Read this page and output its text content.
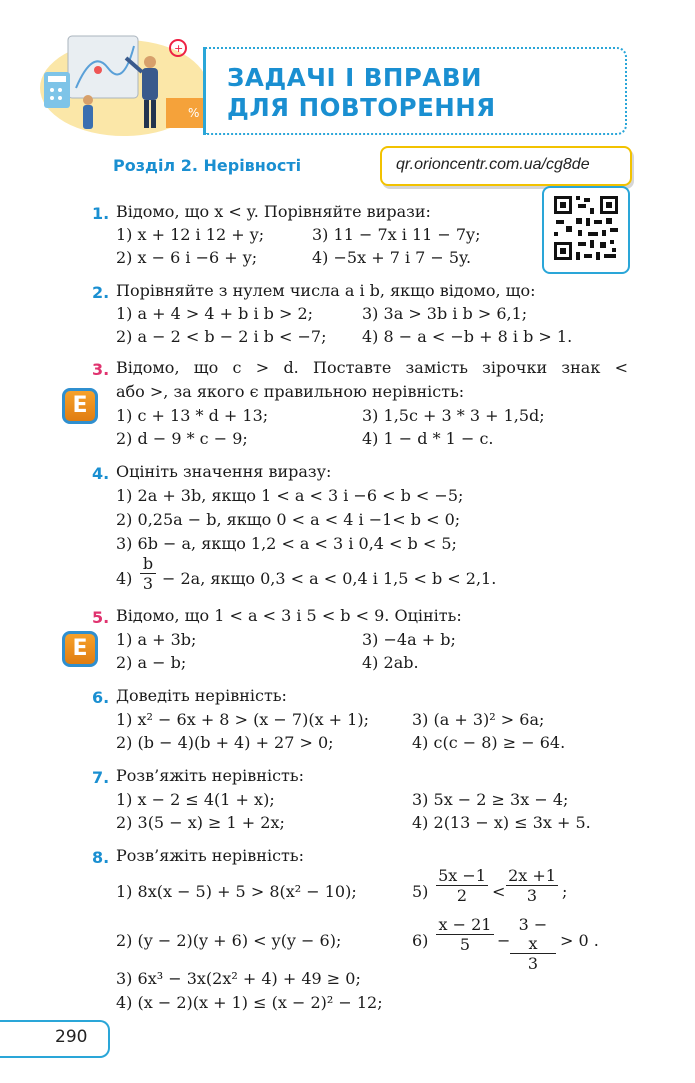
%
+
ЗАДАЧІ І ВПРАВИ
ДЛЯ ПОВТОРЕННЯ
Розділ 2. Нерівності	qr.orioncentr.com.ua/cg8de
1. Відомо, що x < y. Порівняйте вирази:
1) x + 12 і 12 + y;	3) 11 − 7x і 11 − 7y;
2) x − 6 і −6 + y;	4) −5x + 7 і 7 − 5y.
2. Порівняйте з нулем числа a і b, якщо відомо, що:
1) a + 4 > 4 + b і b > 2;	3) 3a > 3b і b > 6,1;
2) a − 2 < b − 2 і b < −7; 4) 8 − a < −b + 8 і b > 1.
3.
Е
Відомо, що c > d. Поставте замість зірочки знак <
або >, за якого є правильною нерівність:
1) c + 13 * d + 13;	3) 1,5c + 3 * 3 + 1,5d;
2) d − 9 * c − 9;	4) 1 − d * 1 − c.
4. Оцініть значення виразу:
1) 2a + 3b, якщо 1 < a < 3 і −6 < b < −5;
2) 0,25a − b, якщо 0 < a < 4 і −1< b < 0;
3) 6b − a, якщо 1,2 < a < 3 і 0,4 < b < 5;
$4) \frac{b}{3} - 2a$, якщо 0,3 < a < 0,4 і 1,5 < b < 2,1.
5.
Е
Відомо, що 1 < a < 3 і 5 < b < 9. Оцініть:
1) a + 3b;	3) −4a + b;
2) a − b;	4) 2ab.
6. Доведіть нерівність:
1) x² − 6x + 8 > (x − 7)(x + 1);	3) (a + 3)² > 6a;
2) (b − 4)(b + 4) + 27 > 0;	4) c(c − 8) ≥ − 64.
7. Розв’яжіть нерівність:
1) x − 2 ≤ 4(1 + x);	3) 5x − 2 ≥ 3x − 4;
2) 3(5 − x) ≥ 1 + 2x;	4) 2(13 − x) ≤ 3x + 5.
8. Розв’яжіть нерівність:
1) 8x(x − 5) + 5 > 8(x² − 10);	$5) \frac{5x -1}{2} < \frac{2x +1}{3}$ ;
2) (y − 2)(y + 6) < y(y − 6);	$6) \frac{x - 21}{5} - \frac{3 - x}{3} > 0$ .
3) 6x³ − 3x(2x² + 4) + 49 ≥ 0;
4) (x − 2)(x + 1) ≤ (x − 2)² − 12;
290
